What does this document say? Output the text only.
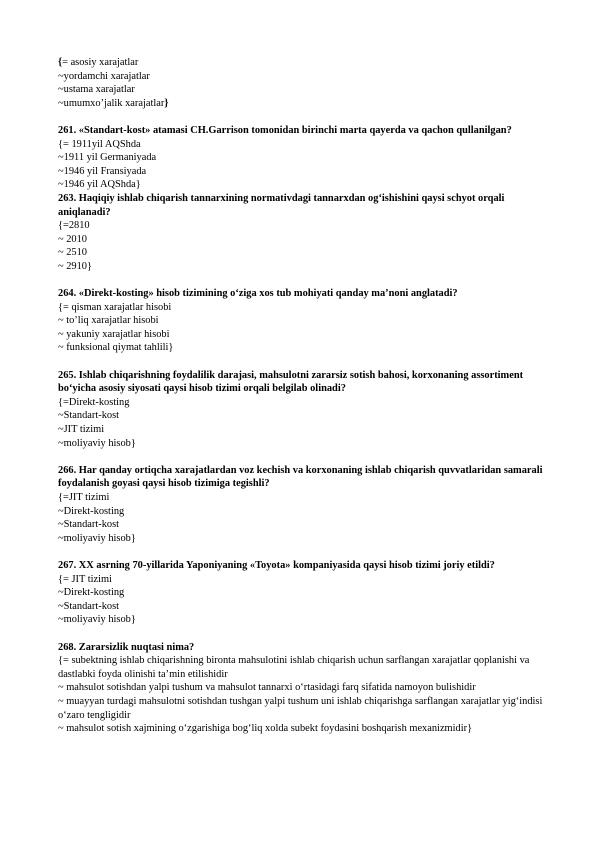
{= asosiy xarajatlar
~yordamchi xarajatlar
~ustama xarajatlar
~umumxo’jalik xarajatlar}
261. «Standart-kost» atamasi CH.Garrison tomonidan birinchi marta qayerda va qachon qullanilgan?
{= 1911yil AQShda
~1911 yil Germaniyada
~1946 yil Fransiyada
~1946 yil AQShda}
263. Haqiqiy ishlab chiqarish tannarxining normativdagi tannarxdan og‘ishishini qaysi schyot orqali aniqlanadi?
{=2810
~ 2010
~ 2510
~ 2910}
264. «Direkt-kosting» hisob tizimining o‘ziga xos tub mohiyati qanday ma’noni anglatadi?
{= qisman xarajatlar hisobi
~ to’liq xarajatlar hisobi
~ yakuniy xarajatlar hisobi
~ funksional qiymat tahlili}
265. Ishlab chiqarishning foydalilik darajasi, mahsulotni zararsiz sotish bahosi, korxonaning assortiment bo‘yicha asosiy siyosati qaysi hisob tizimi orqali belgilab olinadi?
{=Direkt-kosting
~Standart-kost
~JIT tizimi
~moliyaviy hisob}
266. Har qanday ortiqcha xarajatlardan voz kechish va korxonaning ishlab chiqarish quvvatlaridan samarali foydalanish goyasi qaysi hisob tizimiga tegishli?
{=JIT tizimi
~Direkt-kosting
~Standart-kost
~moliyaviy hisob}
267. XX asrning 70-yillarida Yaponiyaning «Toyota» kompaniyasida qaysi hisob tizimi joriy etildi?
{= JIT tizimi
~Direkt-kosting
~Standart-kost
~moliyaviy hisob}
268. Zararsizlik nuqtasi nima?
{= subektning ishlab chiqarishning bironta mahsulotini ishlab chiqarish uchun sarflangan xarajatlar qoplanishi va dastlabki foyda olinishi ta’min etilishidir
~ mahsulot sotishdan yalpi tushum va mahsulot tannarxi o‘rtasidagi farq sifatida namoyon bulishidir
~ muayyan turdagi mahsulotni sotishdan tushgan yalpi tushum uni ishlab chiqarishga sarflangan xarajatlar yig‘indisi o‘zaro tengligidir
~ mahsulot sotish xajmining o‘zgarishiga bog‘liq xolda subekt foydasini boshqarish mexanizmidir}
